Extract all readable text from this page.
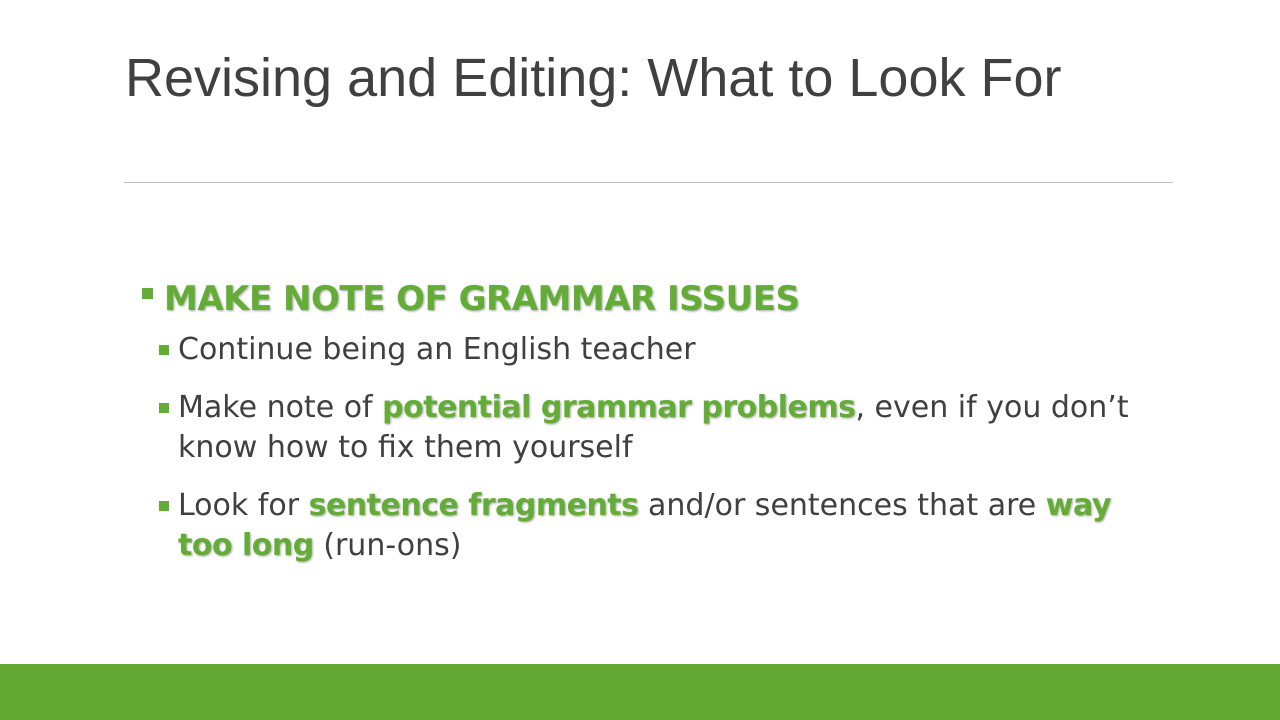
Revising and Editing: What to Look For
MAKE NOTE OF GRAMMAR ISSUES
Continue being an English teacher
Make note of potential grammar problems, even if you don’t know how to fix them yourself
Look for sentence fragments and/or sentences that are way too long (run-ons)
